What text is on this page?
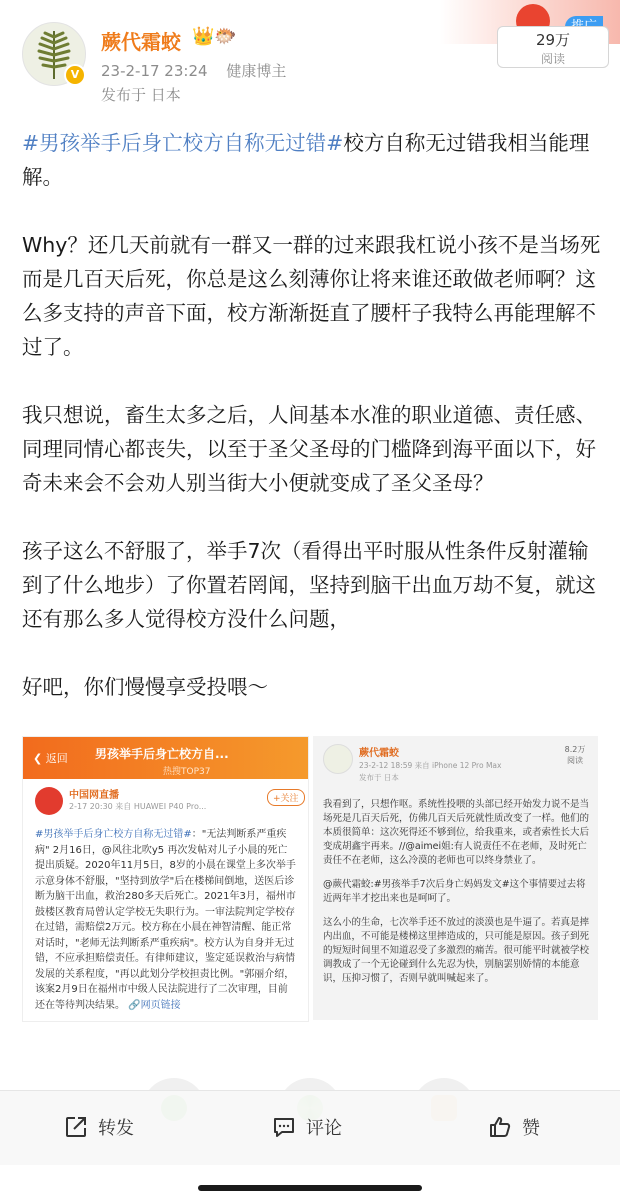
V
蕨代霜蛟 👑🐡
23-2-17 23:24 健康博主
发布于 日本
29万
阅读

#男孩举手后身亡校方自称无过错#校方自称无过错我相当能理解。

Why？还几天前就有一群又一群的过来跟我杠说小孩不是当场死而是几百天后死，你总是这么刻薄你让将来谁还敢做老师啊？这么多支持的声音下面，校方渐渐挺直了腰杆子我特么再能理解不过了。

我只想说，畜生太多之后，人间基本水准的职业道德、责任感、同理同情心都丧失，以至于圣父圣母的门槛降到海平面以下，好奇未来会不会劝人别当街大小便就变成了圣父圣母？

孩子这么不舒服了，举手7次（看得出平时服从性条件反射灌输到了什么地步）了你置若罔闻，坚持到脑干出血万劫不复，就这还有那么多人觉得校方没什么问题，

好吧，你们慢慢享受投喂～

❮ 返回 男孩举手后身亡校方自...
热搜TOP37
中国网直播
2-17 20:30 来自 HUAWEI P40 Pro...
+关注
#男孩举手后身亡校方自称无过错#："无法判断系严重疾病" 2月16日，@风往北吹y5 再次发帖对儿子小晨的死亡提出质疑。2020年11月5日，8岁的小晨在课堂上多次举手示意身体不舒服，"坚持到放学"后在楼梯间倒地，送医后诊断为脑干出血，救治280多天后死亡。2021年3月，福州市鼓楼区教育局曾认定学校无失职行为。一审法院判定学校存在过错，需赔偿2万元。校方称在小晨在神智清醒、能正常对话时，"老师无法判断系严重疾病"。校方认为自身并无过错，不应承担赔偿责任。有律师建议，鉴定延误救治与病情发展的关系程度，"再以此划分学校担责比例。"郭丽介绍，该案2月9日在福州市中级人民法院进行了二次审理，目前还在等待判决结果。 🔗网页链接
蕨代霜蛟
23-2-12 18:59 来自 iPhone 12 Pro Max
发布于 日本
8.2万
阅读

我看到了，只想作呕。系统性投喂的头部已经开始发力说不是当场死是几百天后死，仿佛几百天后死就性质改变了一样。他们的本质很简单：这次死得还不够到位，给我重来，或者索性长大后变成胡鑫宇再来。//@aimei姐:有人说责任不在老师，及时死亡责任不在老师，这么冷漠的老师也可以终身禁业了。

@蕨代霜蛟:#男孩举手7次后身亡妈妈发文#这个事情要过去将近两年半才挖出来也是呵呵了。

这么小的生命，七次举手还不放过的淡漠也是牛逼了。若真是摔内出血，不可能是楼梯这里摔造成的，只可能是原因。孩子到死的短短时间里不知道忍受了多激烈的痛苦。很可能平时就被学校调教成了一个无论碰到什么先忍为快，别脑罢别娇情的本能意识，压抑习惯了，否则早就叫喊起来了。

转发	评论	赞
